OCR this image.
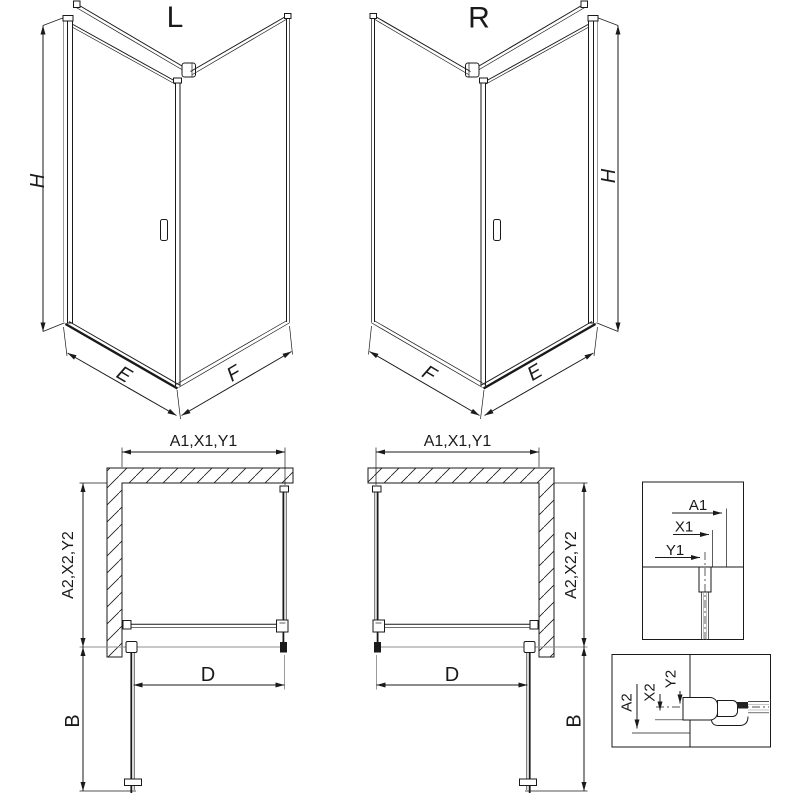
L
H
E	F
R
H
E
F
A1,X1,Y1
A2,X2,Y2
D
B
A1,X1,Y1
A2,X2,Y2
D
B
A1
X1
Y1
A2
X2
Y2
